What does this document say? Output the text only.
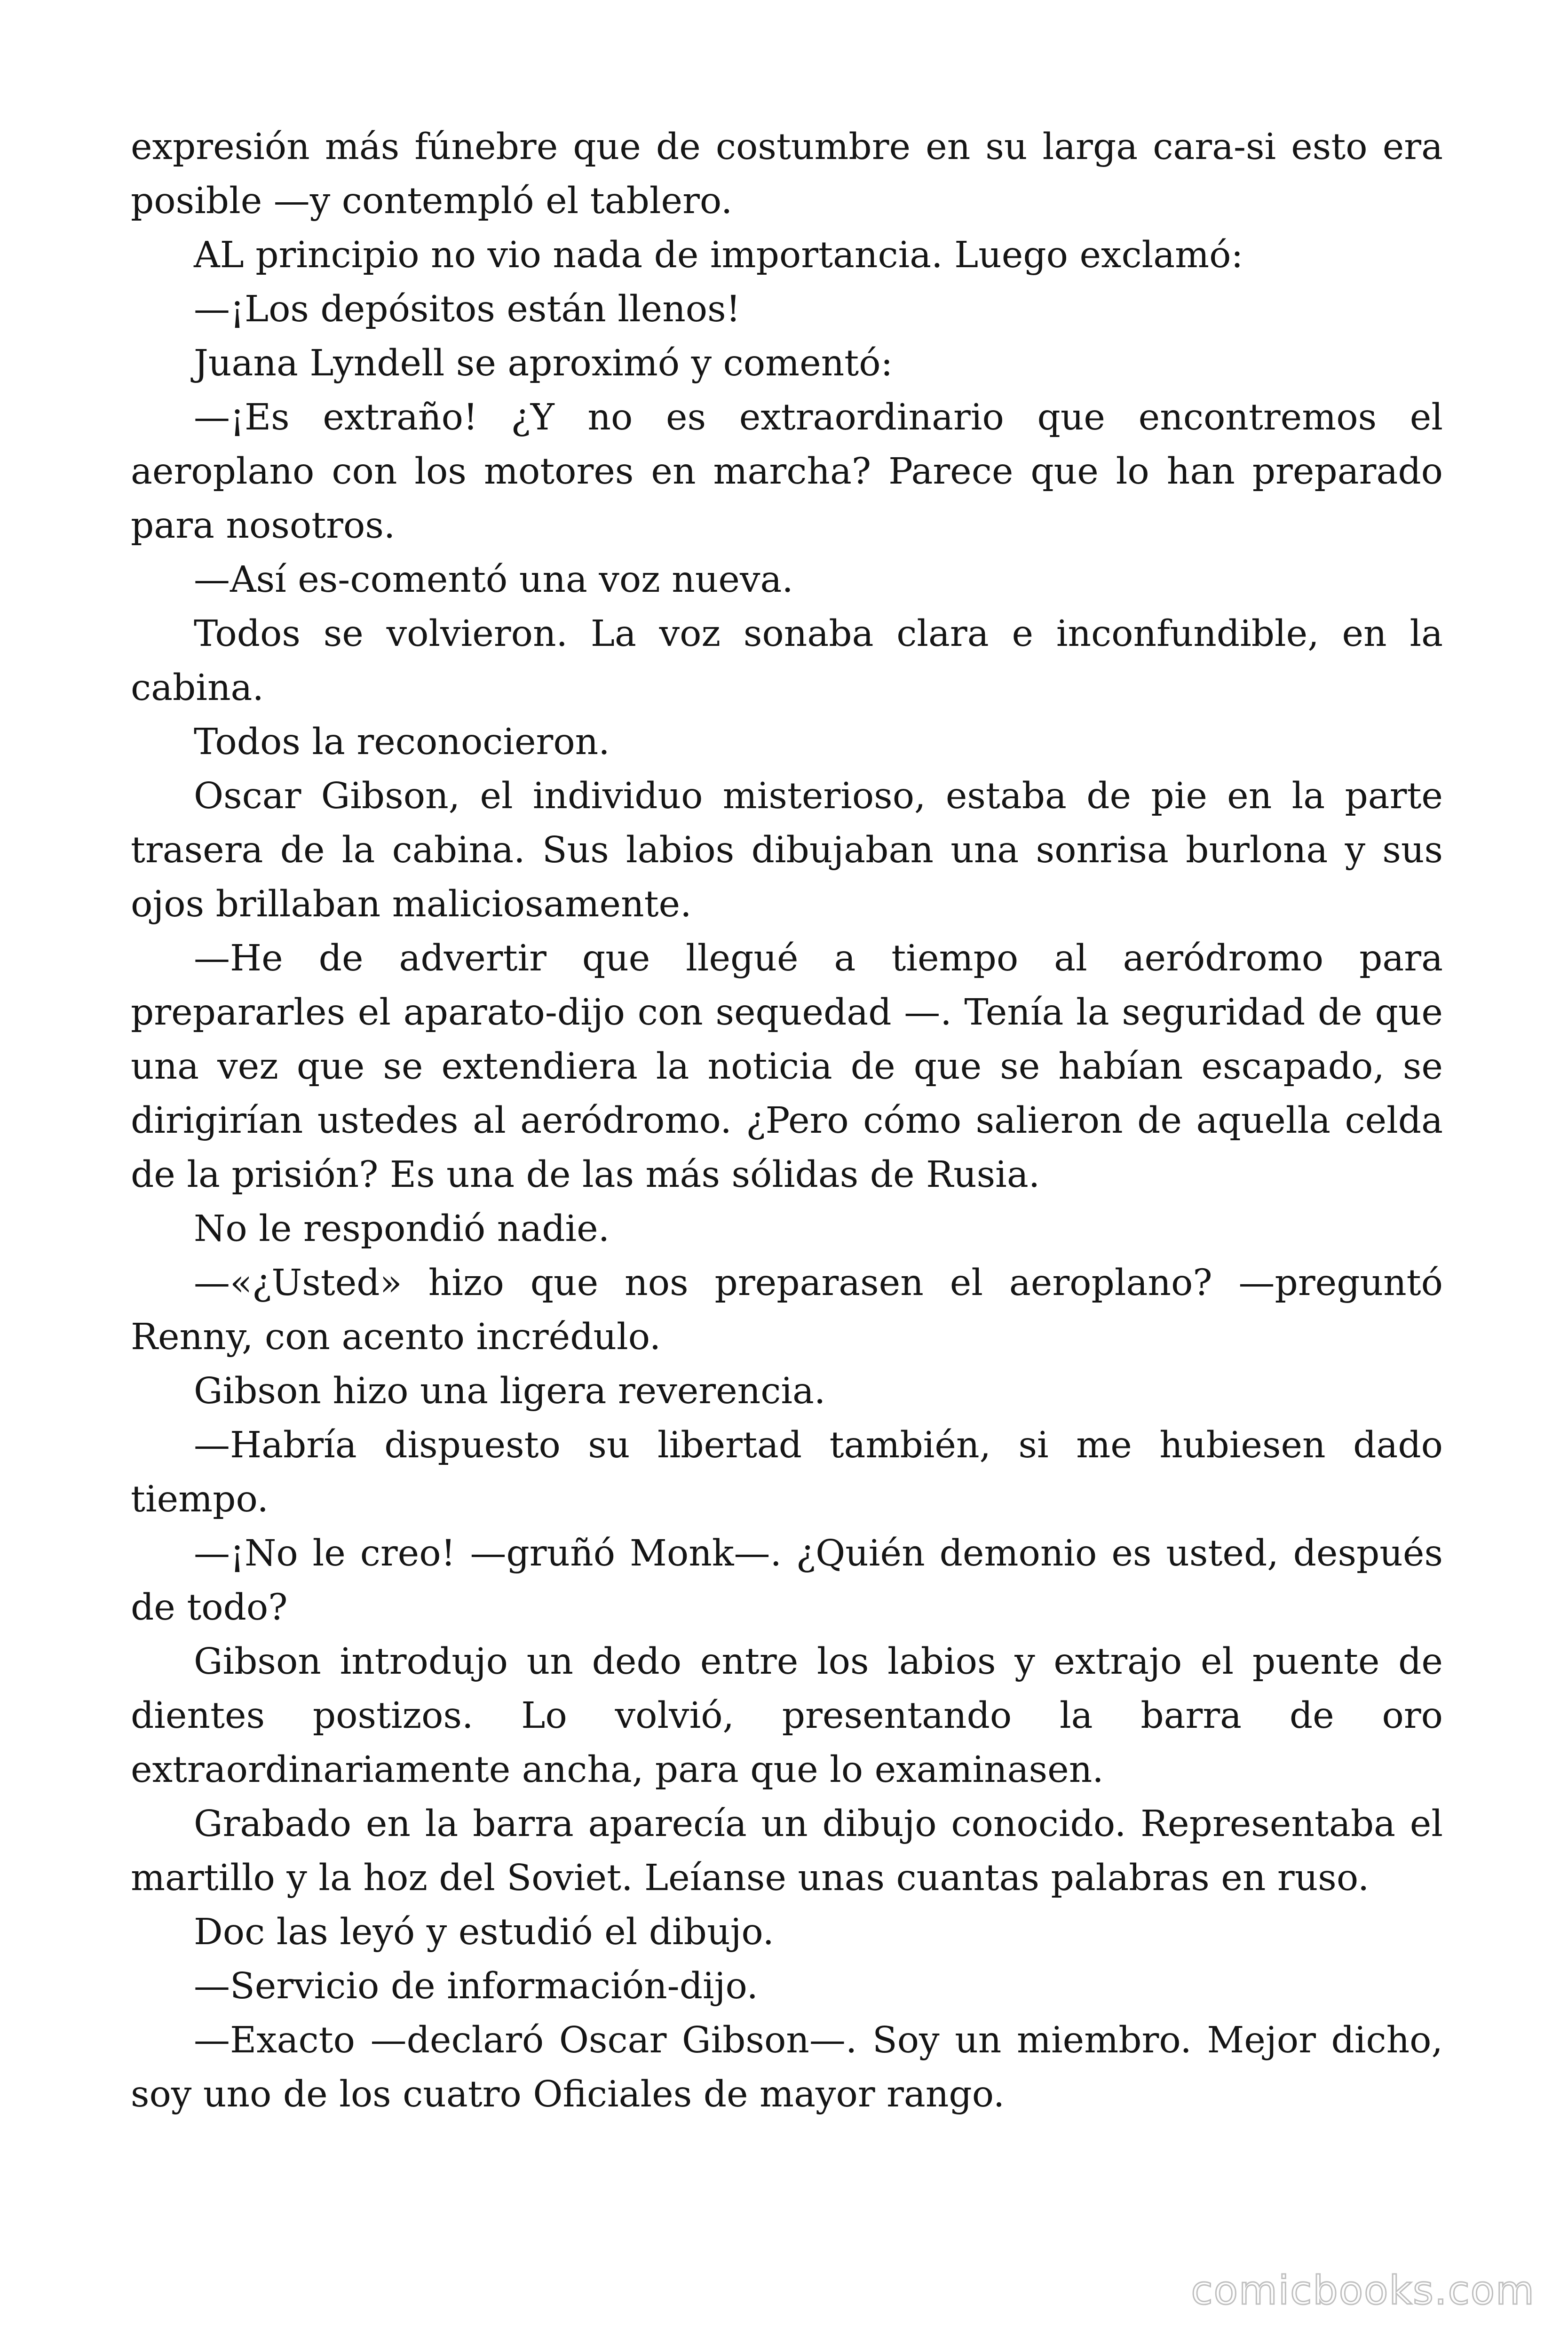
expresión más fúnebre que de costumbre en su larga cara-si esto era posible —y contempló el tablero.

AL principio no vio nada de importancia. Luego exclamó:

—¡Los depósitos están llenos!

Juana Lyndell se aproximó y comentó:

—¡Es extraño! ¿Y no es extraordinario que encontremos el aeroplano con los motores en marcha? Parece que lo han preparado para nosotros.

—Así es-comentó una voz nueva.

Todos se volvieron. La voz sonaba clara e inconfundible, en la cabina.

Todos la reconocieron.

Oscar Gibson, el individuo misterioso, estaba de pie en la parte trasera de la cabina. Sus labios dibujaban una sonrisa burlona y sus ojos brillaban maliciosamente.

—He de advertir que llegué a tiempo al aeródromo para prepararles el aparato-dijo con sequedad —. Tenía la seguridad de que una vez que se extendiera la noticia de que se habían escapado, se dirigirían ustedes al aeródromo. ¿Pero cómo salieron de aquella celda de la prisión? Es una de las más sólidas de Rusia.

No le respondió nadie.

—«¿Usted» hizo que nos preparasen el aeroplano? —preguntó Renny, con acento incrédulo.

Gibson hizo una ligera reverencia.

—Habría dispuesto su libertad también, si me hubiesen dado tiempo.

—¡No le creo! —gruñó Monk—. ¿Quién demonio es usted, después de todo?

Gibson introdujo un dedo entre los labios y extrajo el puente de dientes postizos. Lo volvió, presentando la barra de oro extraordinariamente ancha, para que lo examinasen.

Grabado en la barra aparecía un dibujo conocido. Representaba el martillo y la hoz del Soviet. Leíanse unas cuantas palabras en ruso.

Doc las leyó y estudió el dibujo.

—Servicio de información-dijo.

—Exacto —declaró Oscar Gibson—. Soy un miembro. Mejor dicho, soy uno de los cuatro Oficiales de mayor rango.

comicbooks.com
